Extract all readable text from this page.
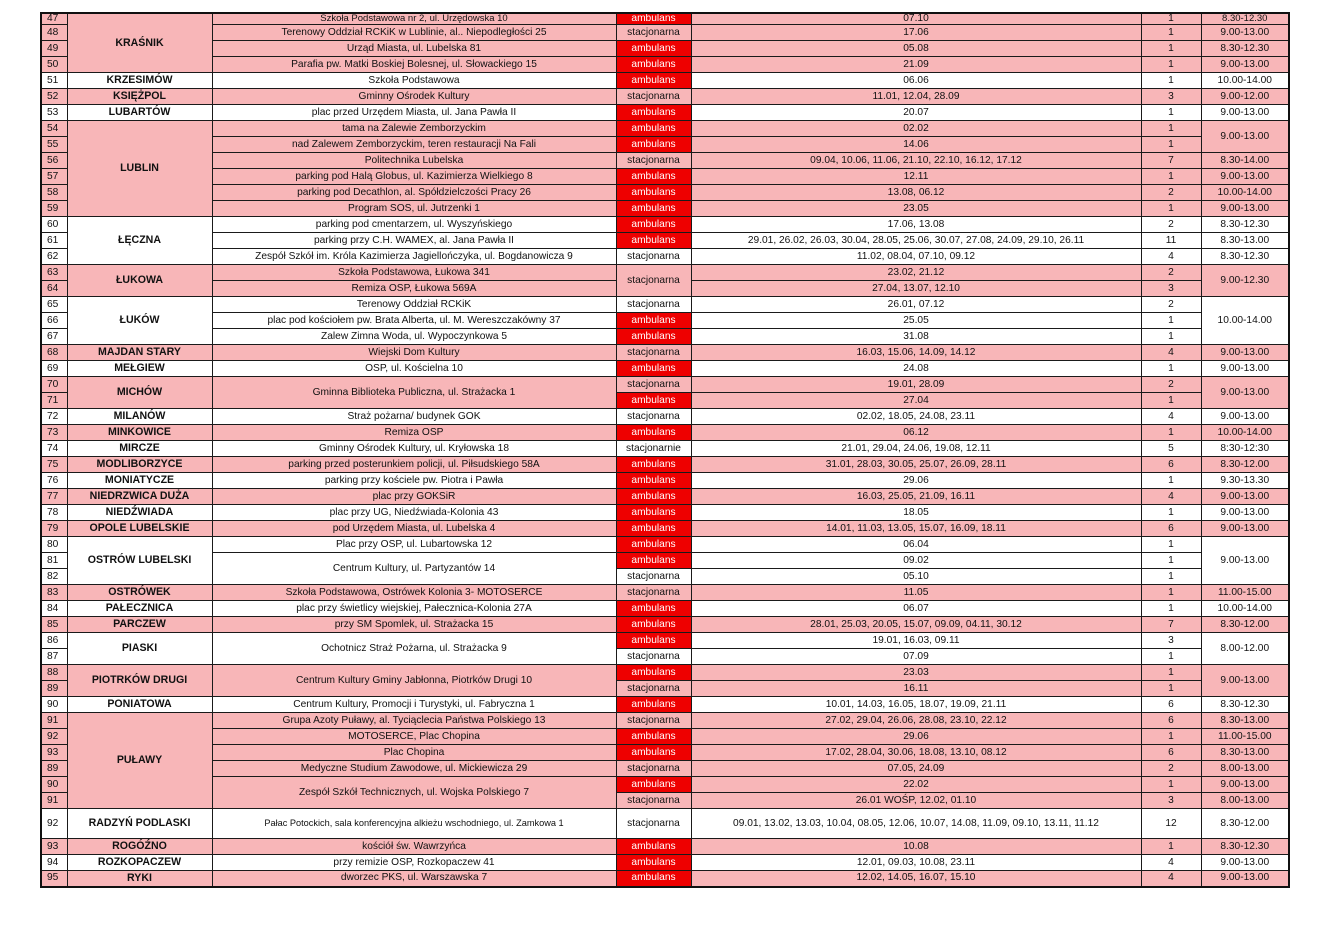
47	KRAŚNIK	Szkoła Podstawowa nr 2, ul. Urzędowska 10	ambulans	07.10	1	8.30-12.30
48		Terenowy Oddział RCKiK w Lublinie, al.. Niepodległości 25	stacjonarna	17.06	1	9.00-13.00
49		Urząd Miasta, ul. Lubelska 81	ambulans	05.08	1	8.30-12.30
50		Parafia pw. Matki Boskiej Bolesnej, ul. Słowackiego 15	ambulans	21.09	1	9.00-13.00
51	KRZESIMÓW	Szkoła Podstawowa	ambulans	06.06	1	10.00-14.00
52	KSIĘŻPOL	Gminny Ośrodek Kultury	stacjonarna	11.01, 12.04, 28.09	3	9.00-12.00
53	LUBARTÓW	plac przed Urzędem Miasta, ul. Jana Pawła II	ambulans	20.07	1	9.00-13.00
54	LUBLIN	tama na Zalewie Zemborzyckim	ambulans	02.02	1	9.00-13.00
55		nad Zalewem Zemborzyckim, teren restauracji Na Fali	ambulans	14.06	1	
56		Politechnika Lubelska	stacjonarna	09.04, 10.06, 11.06, 21.10, 22.10, 16.12, 17.12	7	8.30-14.00
57		parking pod Halą Globus, ul. Kazimierza Wielkiego 8	ambulans	12.11	1	9.00-13.00
58		parking pod Decathlon, al. Spółdzielczości Pracy 26	ambulans	13.08, 06.12	2	10.00-14.00
59		Program SOS, ul. Jutrzenki 1	ambulans	23.05	1	9.00-13.00
60	ŁĘCZNA	parking pod cmentarzem, ul. Wyszyńskiego	ambulans	17.06, 13.08	2	8.30-12.30
61		parking przy C.H. WAMEX, al. Jana Pawła II	ambulans	29.01, 26.02, 26.03, 30.04, 28.05, 25.06, 30.07, 27.08, 24.09, 29.10, 26.11	11	8.30-13.00
62		Zespół Szkół im. Króla Kazimierza Jagiellończyka, ul. Bogdanowicza 9	stacjonarna	11.02, 08.04, 07.10, 09.12	4	8.30-12.30
63	ŁUKOWA	Szkoła Podstawowa, Łukowa 341	stacjonarna	23.02, 21.12	2	9.00-12.30
64		Remiza OSP, Łukowa 569A		27.04, 13.07, 12.10	3	
65	ŁUKÓW	Terenowy Oddział RCKiK	stacjonarna	26.01, 07.12	2	10.00-14.00
66		plac pod kościołem pw. Brata Alberta, ul. M. Wereszczakówny 37	ambulans	25.05	1	
67		Zalew Zimna Woda, ul. Wypoczynkowa 5	ambulans	31.08	1	
68	MAJDAN STARY	Wiejski Dom Kultury	stacjonarna	16.03, 15.06, 14.09, 14.12	4	9.00-13.00
69	MEŁGIEW	OSP, ul. Kościelna 10	ambulans	24.08	1	9.00-13.00
70	MICHÓW	Gminna Biblioteka Publiczna, ul. Strażacka 1	stacjonarna	19.01, 28.09	2	9.00-13.00
71			ambulans	27.04	1	
72	MILANÓW	Straż pożarna/ budynek GOK	stacjonarna	02.02, 18.05, 24.08, 23.11	4	9.00-13.00
73	MINKOWICE	Remiza OSP	ambulans	06.12	1	10.00-14.00
74	MIRCZE	Gminny Ośrodek Kultury, ul. Kryłowska 18	stacjonarnie	21.01, 29.04, 24.06, 19.08, 12.11	5	8:30-12:30
75	MODLIBORZYCE	parking przed posterunkiem policji, ul. Piłsudskiego 58A	ambulans	31.01, 28.03, 30.05, 25.07, 26.09, 28.11	6	8.30-12.00
76	MONIATYCZE	parking przy kościele pw. Piotra i Pawła	ambulans	29.06	1	9.30-13.30
77	NIEDRZWICA DUŻA	plac przy GOKSiR	ambulans	16.03, 25.05, 21.09, 16.11	4	9.00-13.00
78	NIEDŹWIADA	plac przy UG, Niedźwiada-Kolonia 43	ambulans	18.05	1	9.00-13.00
79	OPOLE LUBELSKIE	pod Urzędem Miasta, ul. Lubelska 4	ambulans	14.01, 11.03, 13.05, 15.07, 16.09, 18.11	6	9.00-13.00
80	OSTRÓW LUBELSKI	Plac przy OSP, ul. Lubartowska 12	ambulans	06.04	1	9.00-13.00
81		Centrum Kultury, ul. Partyzantów 14	ambulans	09.02	1	
82			stacjonarna	05.10	1	
83	OSTRÓWEK	Szkoła Podstawowa, Ostrówek Kolonia 3- MOTOSERCE	stacjonarna	11.05	1	11.00-15.00
84	PAŁECZNICA	plac przy świetlicy wiejskiej, Pałecznica-Kolonia 27A	ambulans	06.07	1	10.00-14.00
85	PARCZEW	przy SM Spomlek, ul. Strażacka 15	ambulans	28.01, 25.03, 20.05, 15.07, 09.09, 04.11, 30.12	7	8.30-12.00
86	PIASKI	Ochotnicz Straż Pożarna, ul. Strażacka 9	ambulans	19.01, 16.03, 09.11	3	8.00-12.00
87			stacjonarna	07.09	1	
88	PIOTRKÓW DRUGI	Centrum Kultury Gminy Jabłonna, Piotrków Drugi 10	ambulans	23.03	1	9.00-13.00
89			stacjonarna	16.11	1	
90	PONIATOWA	Centrum Kultury, Promocji i Turystyki, ul. Fabryczna 1	ambulans	10.01, 14.03, 16.05, 18.07, 19.09, 21.11	6	8.30-12.30
91	PUŁAWY	Grupa Azoty Puławy, al. Tyciąclecia Państwa Polskiego 13	stacjonarna	27.02, 29.04, 26.06, 28.08, 23.10, 22.12	6	8.30-13.00
92		MOTOSERCE, Plac Chopina	ambulans	29.06	1	11.00-15.00
93		Plac Chopina	ambulans	17.02, 28.04, 30.06, 18.08, 13.10, 08.12	6	8.30-13.00
89		Medyczne Studium Zawodowe, ul. Mickiewicza 29	stacjonarna	07.05, 24.09	2	8.00-13.00
90		Zespół Szkół Technicznych, ul. Wojska Polskiego 7	ambulans	22.02	1	9.00-13.00
91			stacjonarna	26.01 WOŚP, 12.02, 01.10	3	8.00-13.00
92	RADZYŃ PODLASKI	Pałac Potockich, sala konferencyjna alkieżu wschodniego, ul. Zamkowa 1	stacjonarna	09.01, 13.02, 13.03, 10.04, 08.05, 12.06, 10.07, 14.08, 11.09, 09.10, 13.11, 11.12	12	8.30-12.00
93	ROGÓŹNO	kościół św. Wawrzyńca	ambulans	10.08	1	8.30-12.30
94	ROZKOPACZEW	przy remizie OSP, Rozkopaczew 41	ambulans	12.01, 09.03, 10.08, 23.11	4	9.00-13.00
95	RYKI	dworzec PKS, ul. Warszawska 7	ambulans	12.02, 14.05, 16.07, 15.10	4	9.00-13.00
